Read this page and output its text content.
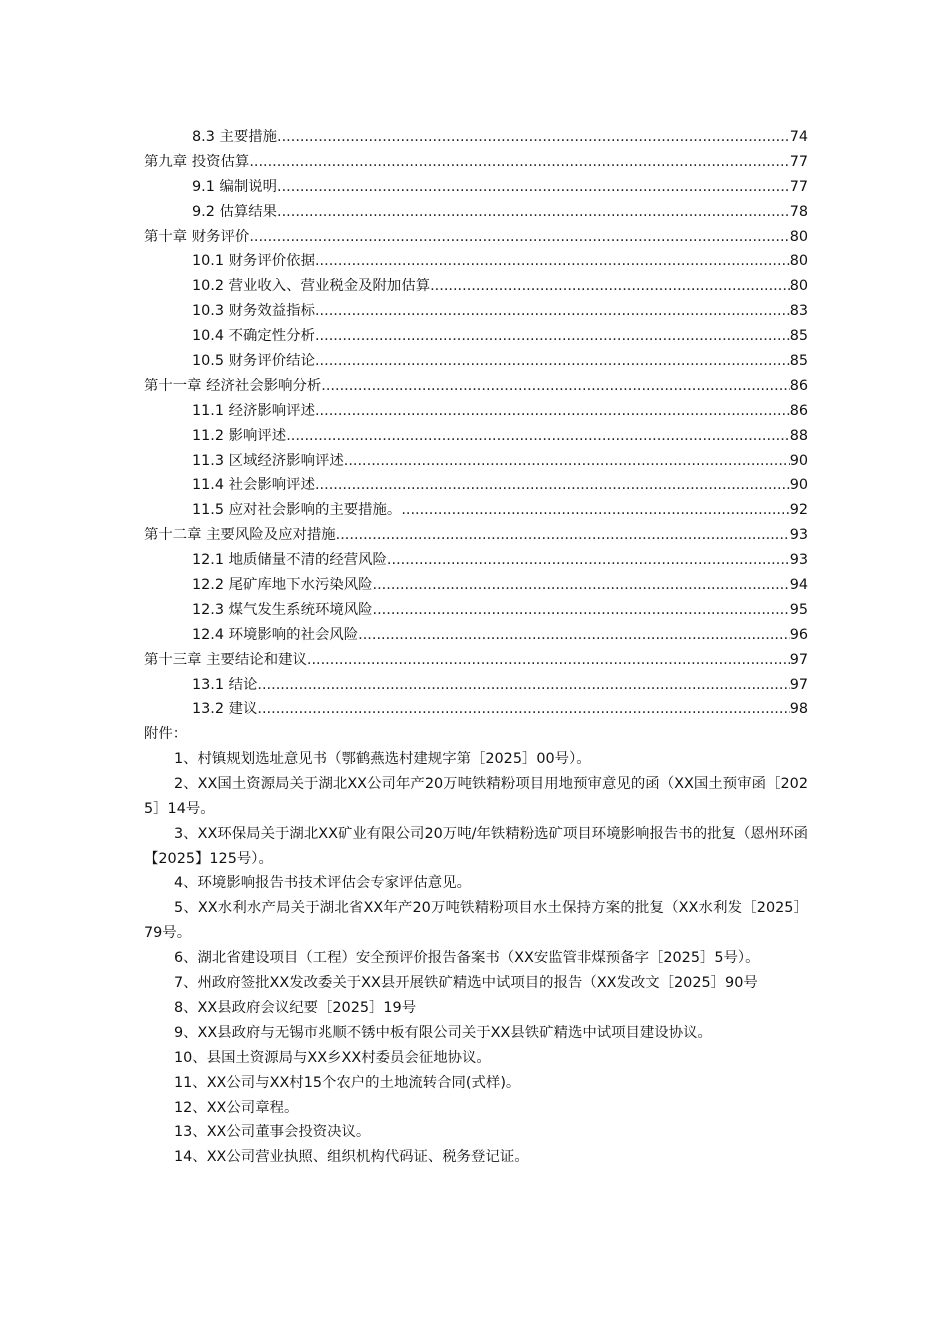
8.3 主要措施 .....	74
第九章 投资估算 .....	77
9.1 编制说明 .....	77
9.2 估算结果 .....	78
第十章 财务评价 .....	80
10.1 财务评价依据 .....	80
10.2 营业收入、营业税金及附加估算 .....	80
10.3 财务效益指标 .....	83
10.4 不确定性分析 .....	85
10.5 财务评价结论 .....	85
第十一章 经济社会影响分析 .....	86
11.1 经济影响评述 .....	86
11.2 影响评述 .....	88
11.3 区域经济影响评述 .....	90
11.4 社会影响评述 .....	90
11.5 应对社会影响的主要措施。 .....	92
第十二章 主要风险及应对措施 .....	93
12.1 地质储量不清的经营风险 .....	93
12.2 尾矿库地下水污染风险 .....	94
12.3 煤气发生系统环境风险 .....	95
12.4 环境影响的社会风险 .....	96
第十三章 主要结论和建议 .....	97
13.1 结论 .....	97
13.2 建议 .....	98
附件：
1、村镇规划选址意见书（鄂鹤燕选村建规字第［2025］00号）。
2、XX国土资源局关于湖北XX公司年产20万吨铁精粉项目用地预审意见的函（XX国土预审函［2025］14号。
3、XX环保局关于湖北XX矿业有限公司20万吨/年铁精粉选矿项目环境影响报告书的批复（恩州环函【2025】125号）。
4、环境影响报告书技术评估会专家评估意见。
5、XX水利水产局关于湖北省XX年产20万吨铁精粉项目水土保持方案的批复（XX水利发［2025］79号。
6、湖北省建设项目（工程）安全预评价报告备案书（XX安监管非煤预备字［2025］5号）。
7、州政府签批XX发改委关于XX县开展铁矿精选中试项目的报告（XX发改文［2025］90号
8、XX县政府会议纪要［2025］19号
9、XX县政府与无锡市兆顺不锈中板有限公司关于XX县铁矿精选中试项目建设协议。
10、县国土资源局与XX乡XX村委员会征地协议。
11、XX公司与XX村15个农户的土地流转合同(式样)。
12、XX公司章程。
13、XX公司董事会投资决议。
14、XX公司营业执照、组织机构代码证、税务登记证。
